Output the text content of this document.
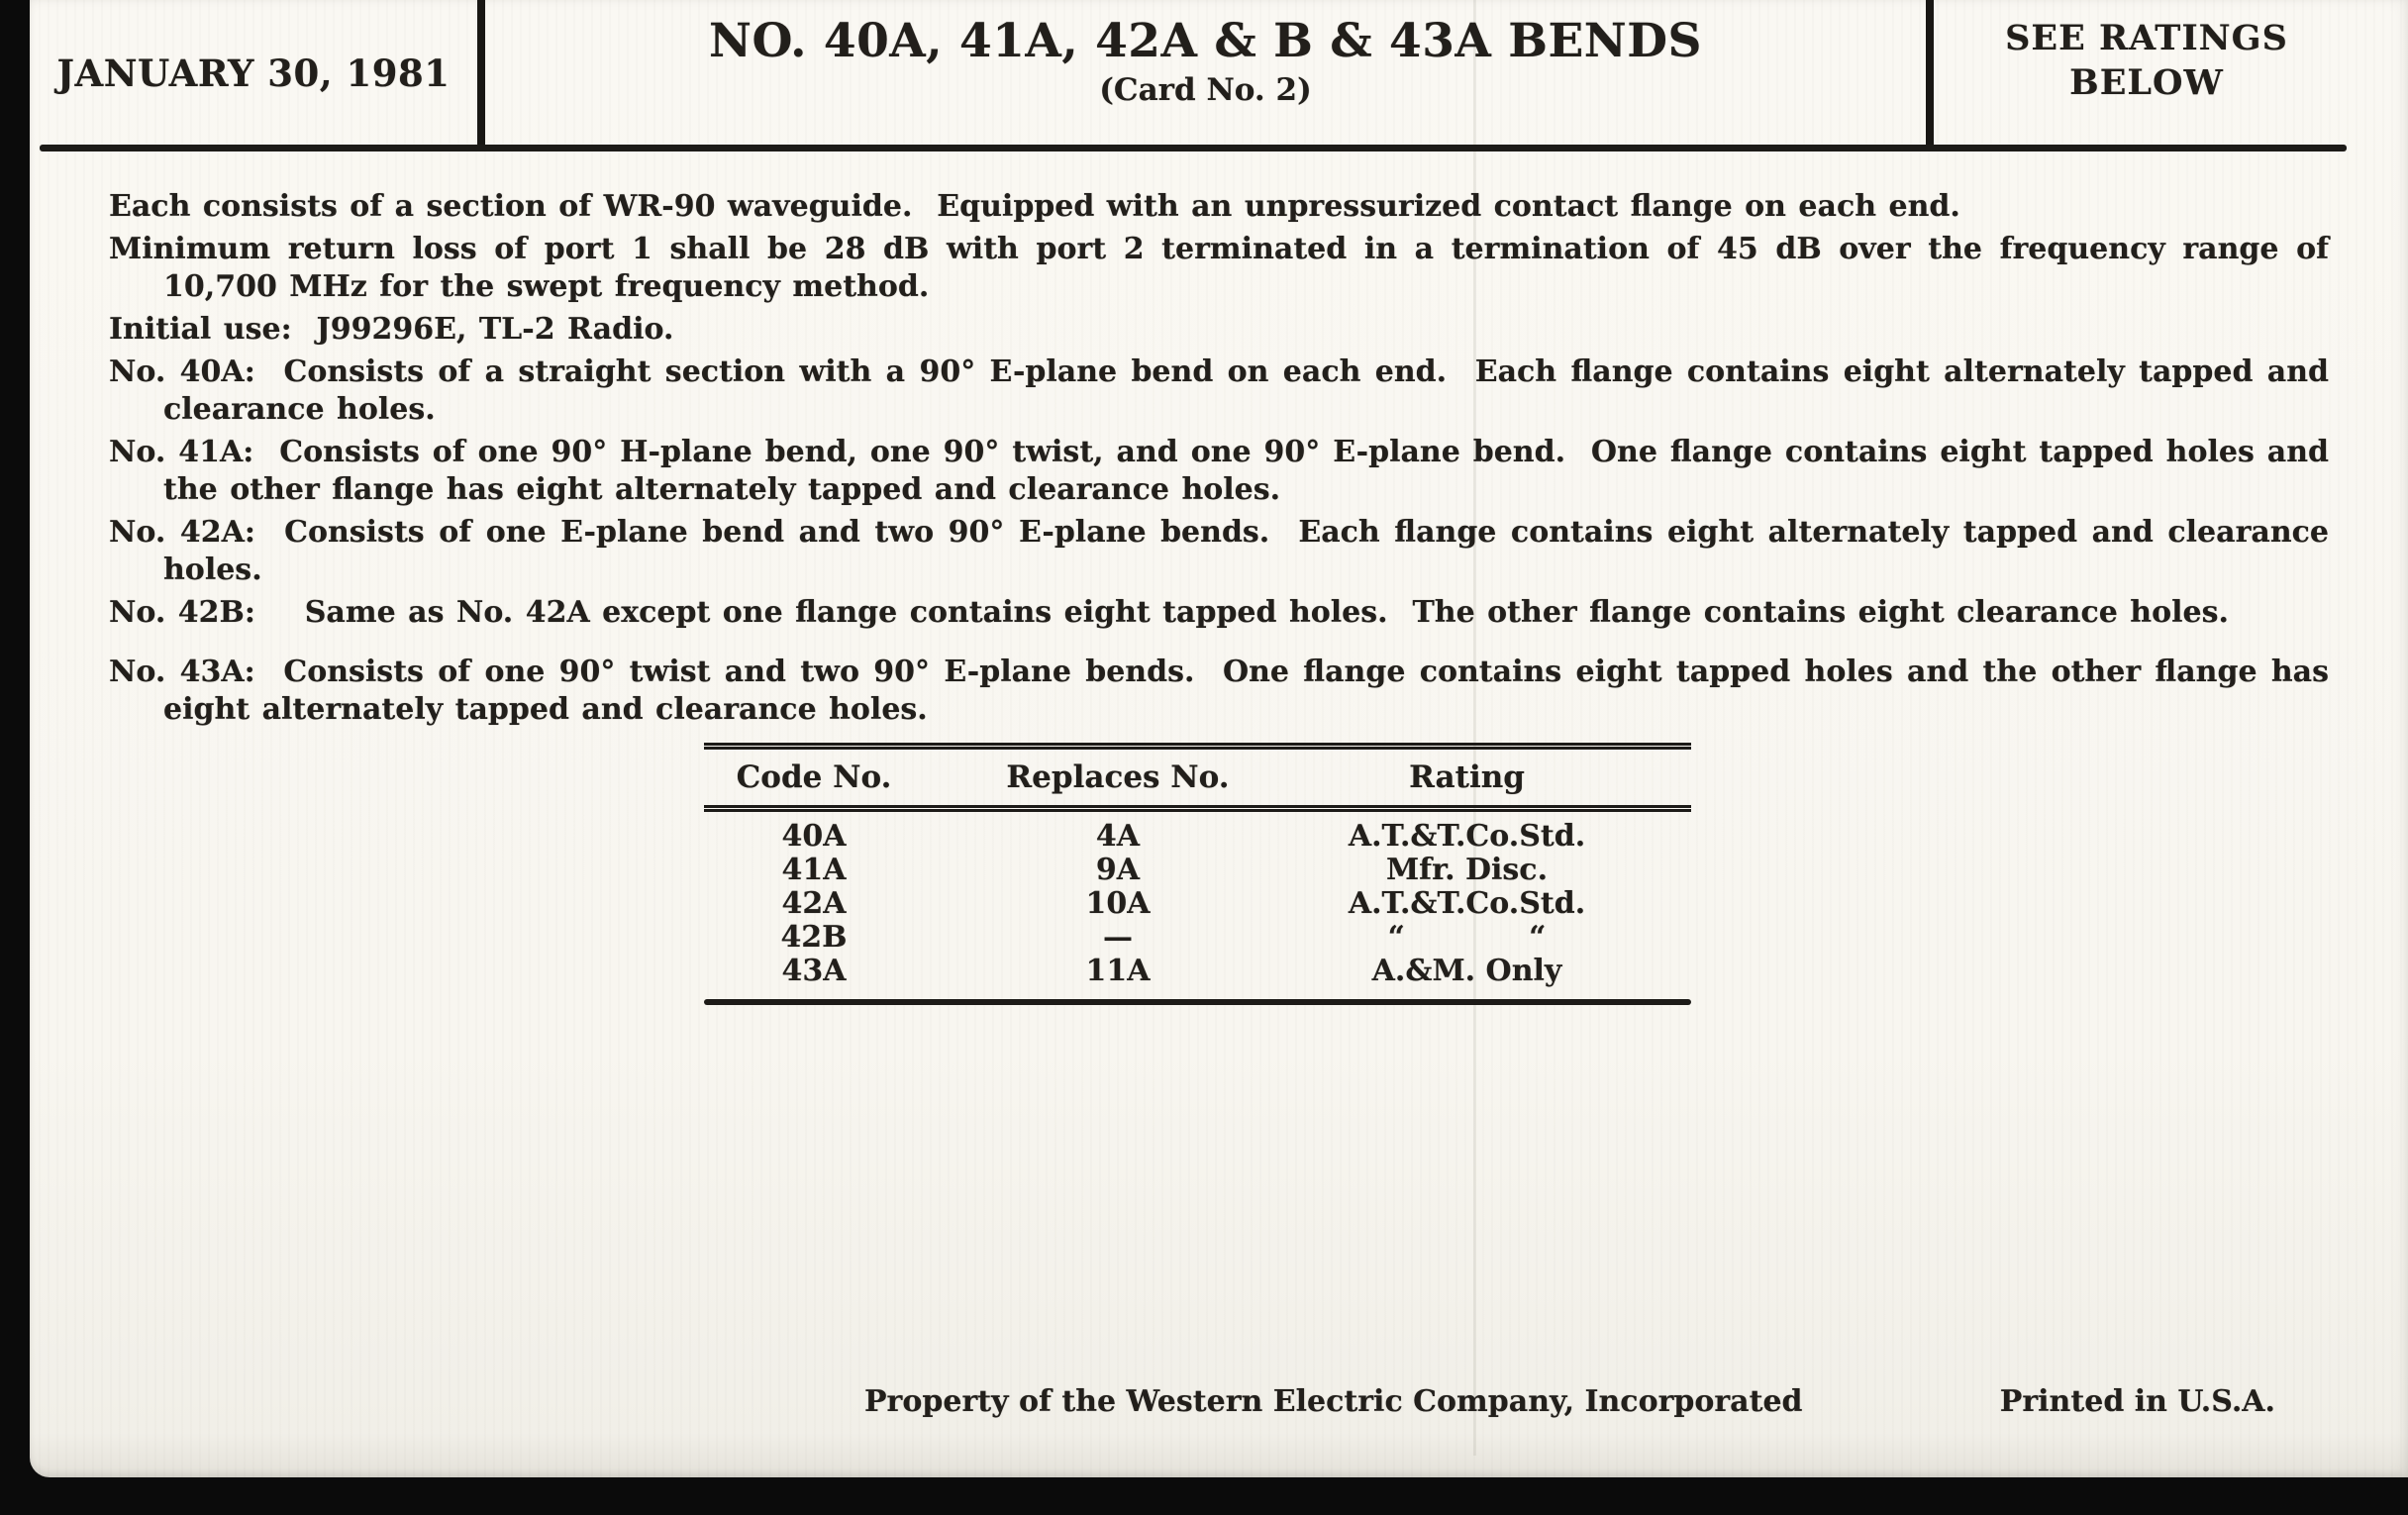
JANUARY 30, 1981
NO. 40A, 41A, 42A & B & 43A BENDS
(Card No. 2)
SEE RATINGS
BELOW
Each consists of a section of WR-90 waveguide.  Equipped with an unpressurized contact flange on each end.
Minimum return loss of port 1 shall be 28 dB with port 2 terminated in a termination of 45 dB over the frequency range of
10,700 MHz for the swept frequency method.
Initial use:  J99296E, TL-2 Radio.
No. 40A:  Consists of a straight section with a 90° E-plane bend on each end.  Each flange contains eight alternately tapped and
clearance holes.
No. 41A:  Consists of one 90° H-plane bend, one 90° twist, and one 90° E-plane bend.  One flange contains eight tapped holes and
the other flange has eight alternately tapped and clearance holes.
No. 42A:  Consists of one E-plane bend and two 90° E-plane bends.  Each flange contains eight alternately tapped and clearance
holes.
No. 42B:    Same as No. 42A except one flange contains eight tapped holes.  The other flange contains eight clearance holes.
No. 43A:  Consists of one 90° twist and two 90° E-plane bends.  One flange contains eight tapped holes and the other flange has
eight alternately tapped and clearance holes.
Code No.	Replaces No.	Rating
40A	4A	A.T.&T.Co.Std.
41A	9A	Mfr. Disc.
42A	10A	A.T.&T.Co.Std.
42B	—	“            “
43A	11A	A.&M. Only
Property of the Western Electric Company, Incorporated	Printed in U.S.A.
